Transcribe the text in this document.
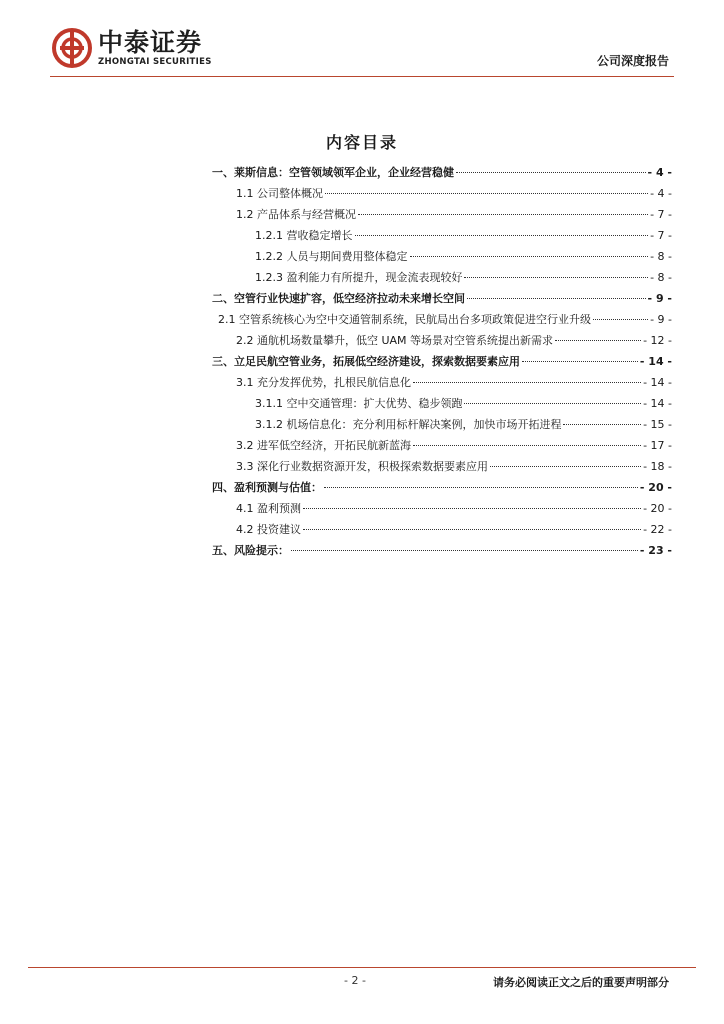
中泰证券
ZHONGTAI SECURITIES	公司深度报告
内容目录
一、莱斯信息：空管领域领军企业，企业经营稳健	- 4 -
1.1 公司整体概况	- 4 -
1.2 产品体系与经营概况	- 7 -
1.2.1 营收稳定增长	- 7 -
1.2.2 人员与期间费用整体稳定	- 8 -
1.2.3 盈利能力有所提升，现金流表现较好	- 8 -
二、空管行业快速扩容，低空经济拉动未来增长空间	- 9 -
2.1 空管系统核心为空中交通管制系统，民航局出台多项政策促进空行业升级	- 9 -
2.2 通航机场数量攀升，低空 UAM 等场景对空管系统提出新需求	- 12 -
三、立足民航空管业务，拓展低空经济建设，探索数据要素应用	- 14 -
3.1 充分发挥优势，扎根民航信息化	- 14 -
3.1.1 空中交通管理：扩大优势、稳步领跑	- 14 -
3.1.2 机场信息化：充分利用标杆解决案例，加快市场开拓进程	- 15 -
3.2 进军低空经济，开拓民航新蓝海	- 17 -
3.3 深化行业数据资源开发，积极探索数据要素应用	- 18 -
四、盈利预测与估值：	- 20 -
4.1 盈利预测	- 20 -
4.2 投资建议	- 22 -
五、风险提示：	- 23 -
- 2 -	请务必阅读正文之后的重要声明部分
